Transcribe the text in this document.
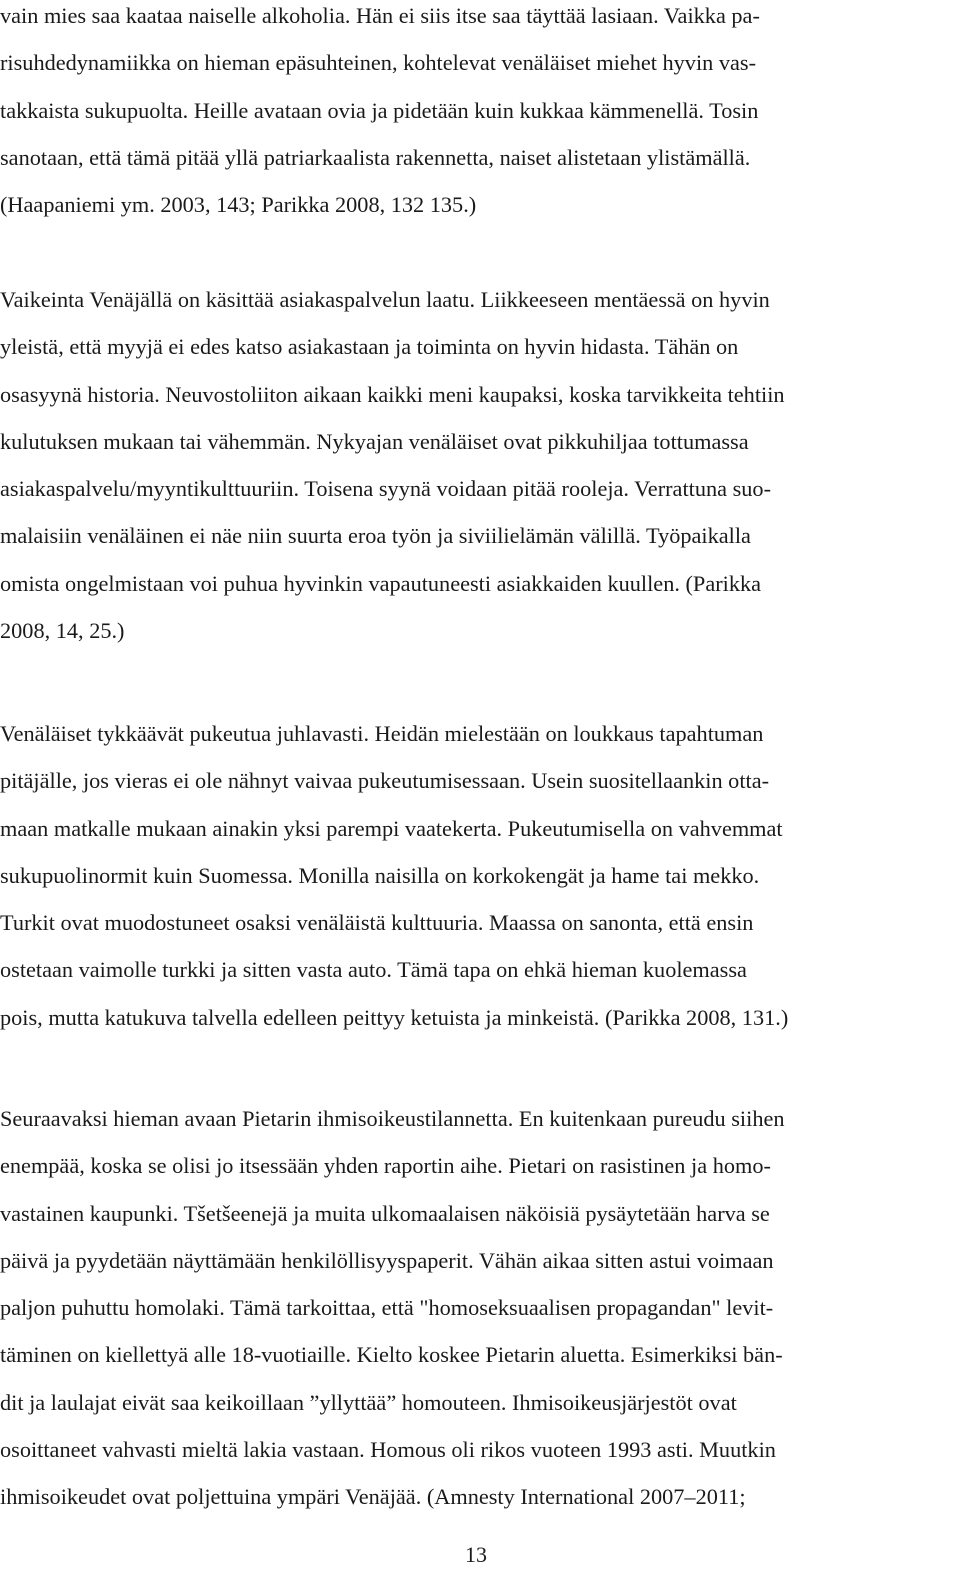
vain mies saa kaataa naiselle alkoholia. Hän ei siis itse saa täyttää lasiaan. Vaikka pa-
risuhdedynamiikka on hieman epäsuhteinen, kohtelevat venäläiset miehet hyvin vas-
takkaista sukupuolta. Heille avataan ovia ja pidetään kuin kukkaa kämmenellä. Tosin
sanotaan, että tämä pitää yllä patriarkaalista rakennetta, naiset alistetaan ylistämällä.
(Haapaniemi ym. 2003, 143; Parikka 2008, 132 135.)
Vaikeinta Venäjällä on käsittää asiakaspalvelun laatu. Liikkeeseen mentäessä on hyvin
yleistä, että myyjä ei edes katso asiakastaan ja toiminta on hyvin hidasta. Tähän on
osasyynä historia. Neuvostoliiton aikaan kaikki meni kaupaksi, koska tarvikkeita tehtiin
kulutuksen mukaan tai vähemmän. Nykyajan venäläiset ovat pikkuhiljaa tottumassa
asiakaspalvelu/myyntikulttuuriin. Toisena syynä voidaan pitää rooleja. Verrattuna suo-
malaisiin venäläinen ei näe niin suurta eroa työn ja siviilielämän välillä. Työpaikalla
omista ongelmistaan voi puhua hyvinkin vapautuneesti asiakkaiden kuullen. (Parikka
2008, 14, 25.)
Venäläiset tykkäävät pukeutua juhlavasti. Heidän mielestään on loukkaus tapahtuman
pitäjälle, jos vieras ei ole nähnyt vaivaa pukeutumisessaan. Usein suositellaankin otta-
maan matkalle mukaan ainakin yksi parempi vaatekerta. Pukeutumisella on vahvemmat
sukupuolinormit kuin Suomessa. Monilla naisilla on korkokengät ja hame tai mekko.
Turkit ovat muodostuneet osaksi venäläistä kulttuuria. Maassa on sanonta, että ensin
ostetaan vaimolle turkki ja sitten vasta auto. Tämä tapa on ehkä hieman kuolemassa
pois, mutta katukuva talvella edelleen peittyy ketuista ja minkeistä. (Parikka 2008, 131.)
Seuraavaksi hieman avaan Pietarin ihmisoikeustilannetta. En kuitenkaan pureudu siihen
enempää, koska se olisi jo itsessään yhden raportin aihe. Pietari on rasistinen ja homo-
vastainen kaupunki. Tšetšeenejä ja muita ulkomaalaisen näköisiä pysäytetään harva se
päivä ja pyydetään näyttämään henkilöllisyyspaperit. Vähän aikaa sitten astui voimaan
paljon puhuttu homolaki. Tämä tarkoittaa, että "homoseksuaalisen propagandan" levit-
täminen on kiellettyä alle 18-vuotiaille. Kielto koskee Pietarin aluetta. Esimerkiksi bän-
dit ja laulajat eivät saa keikoillaan ”yllyttää” homouteen. Ihmisoikeusjärjestöt ovat
osoittaneet vahvasti mieltä lakia vastaan. Homous oli rikos vuoteen 1993 asti. Muutkin
ihmisoikeudet ovat poljettuina ympäri Venäjää. (Amnesty International 2007–2011;
13
